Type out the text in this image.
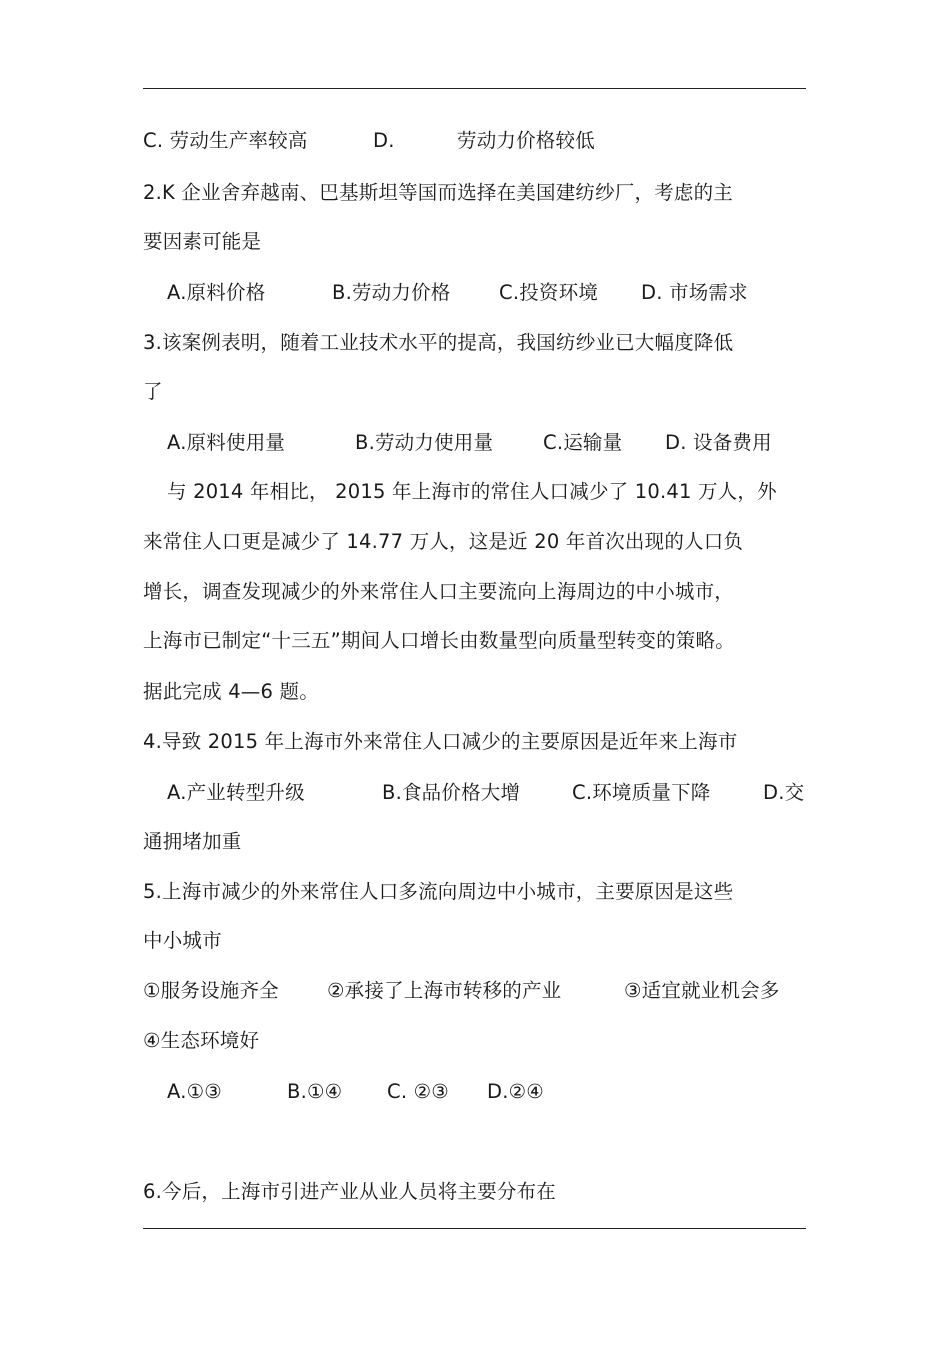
C. 劳动生产率较高	D.	劳动力价格较低
2.K 企业舍弃越南、巴基斯坦等国而选择在美国建纺纱厂，考虑的主
要因素可能是
A.原料价格	B.劳动力价格 C.投资环境 D. 市场需求
3.该案例表明，随着工业技术水平的提高，我国纺纱业已大幅度降低
了
A.原料使用量	B.劳动力使用量	C.运输量 D. 设备费用
与 2014 年相比， 2015 年上海市的常住人口减少了 10.41 万人，外
来常住人口更是减少了 14.77 万人，这是近 20 年首次出现的人口负
增长，调查发现减少的外来常住人口主要流向上海周边的中小城市，
上海市已制定“十三五”期间人口增长由数量型向质量型转变的策略。
据此完成 4—6 题。
4.导致 2015 年上海市外来常住人口减少的主要原因是近年来上海市
A.产业转型升级	B.食品价格大增	C.环境质量下降	D.交
通拥堵加重
5.上海市减少的外来常住人口多流向周边中小城市，主要原因是这些
中小城市
①服务设施齐全 ②承接了上海市转移的产业	③适宜就业机会多
④生态环境好
A.①③	B.①④ C. ②③ D.②④
6.今后，上海市引进产业从业人员将主要分布在
